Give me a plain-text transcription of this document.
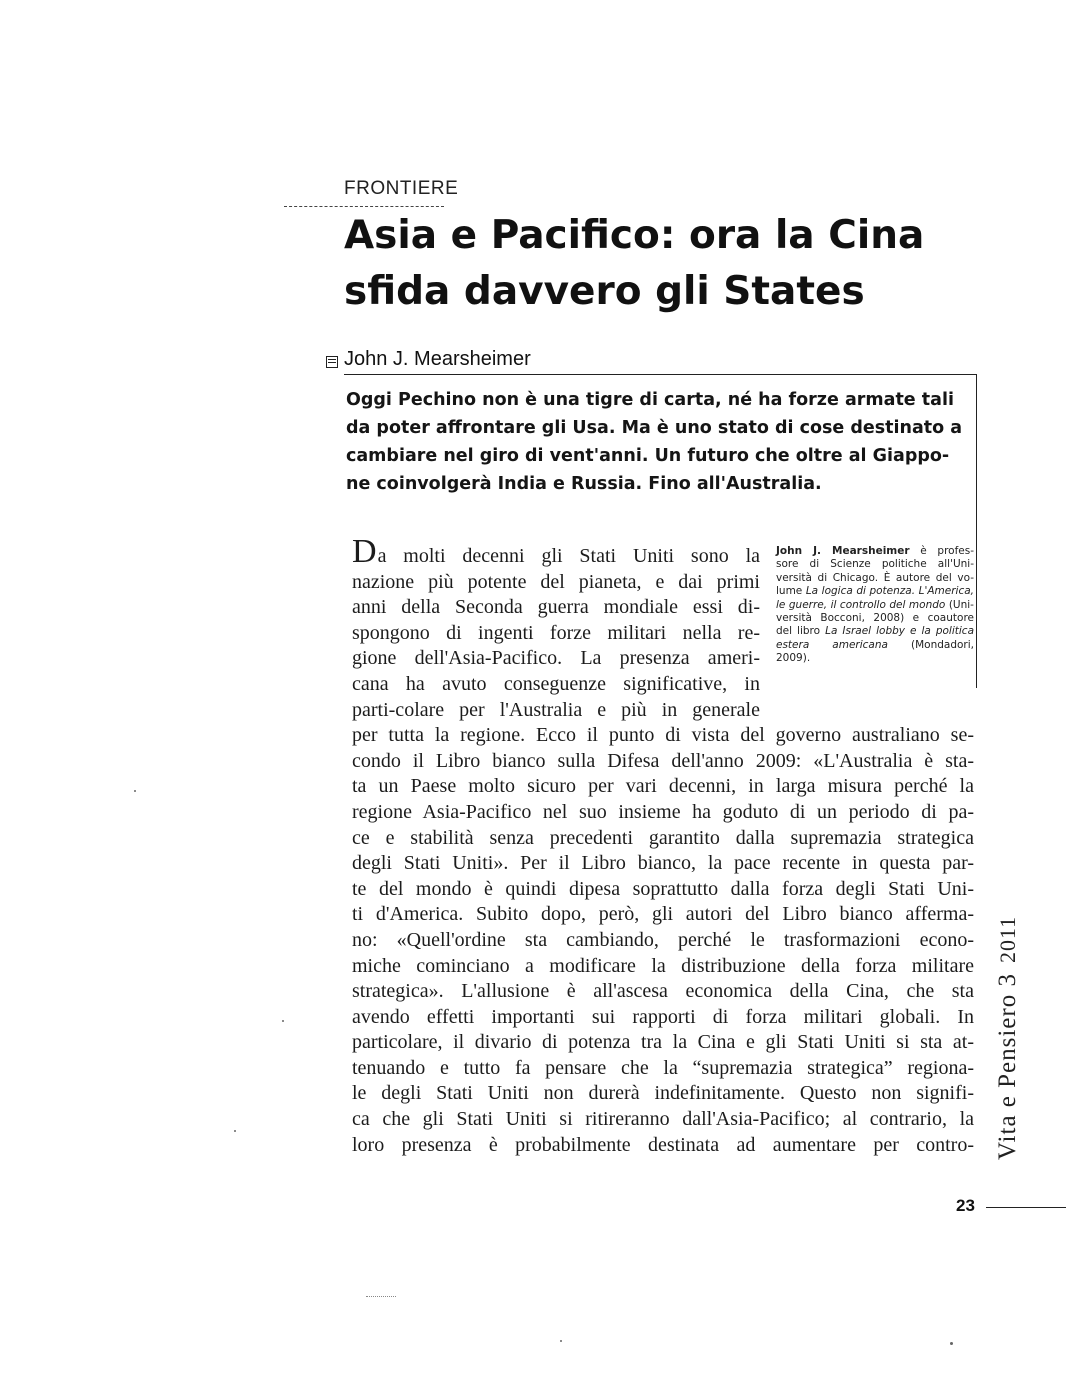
FRONTIERE
Asia e Pacifico: ora la Cina
sfida davvero gli States
John J. Mearsheimer
Oggi Pechino non è una tigre di carta, né ha forze armate tali
da poter affrontare gli Usa. Ma è uno stato di cose destinato a
cambiare nel giro di vent'anni. Un futuro che oltre al Giappo-
ne coinvolgerà India e Russia. Fino all'Australia.
Da molti decenni gli Stati Uniti sono la
nazione più potente del pianeta, e dai primi
anni della Seconda guerra mondiale essi di-
spongono di ingenti forze militari nella re-
gione dell'Asia-Pacifico. La presenza ameri-
cana ha avuto conseguenze significative, in
parti-colare per l'Australia e più in generale
per tutta la regione. Ecco il punto di vista del governo australiano se-
condo il Libro bianco sulla Difesa dell'anno 2009: «L'Australia è sta-
ta un Paese molto sicuro per vari decenni, in larga misura perché la
regione Asia-Pacifico nel suo insieme ha goduto di un periodo di pa-
ce e stabilità senza precedenti garantito dalla supremazia strategica
degli Stati Uniti». Per il Libro bianco, la pace recente in questa par-
te del mondo è quindi dipesa soprattutto dalla forza degli Stati Uni-
ti d'America. Subito dopo, però, gli autori del Libro bianco afferma-
no: «Quell'ordine sta cambiando, perché le trasformazioni econo-
miche cominciano a modificare la distribuzione della forza militare
strategica». L'allusione è all'ascesa economica della Cina, che sta
avendo effetti importanti sui rapporti di forza militari globali. In
particolare, il divario di potenza tra la Cina e gli Stati Uniti si sta at-
tenuando e tutto fa pensare che la “supremazia strategica” regiona-
le degli Stati Uniti non durerà indefinitamente. Questo non signifi-
ca che gli Stati Uniti si ritireranno dall'Asia-Pacifico; al contrario, la
loro presenza è probabilmente destinata ad aumentare per contro-
John J. Mearsheimer è profes-
sore di Scienze politiche all'Uni-
versità di Chicago. È autore del vo-
lume La logica di potenza. L'America,
le guerre, il controllo del mondo (Uni-
versità Bocconi, 2008) e coautore
del libro La Israel lobby e la politica
estera americana (Mondadori,
2009).
Vita e Pensiero 32011
23
